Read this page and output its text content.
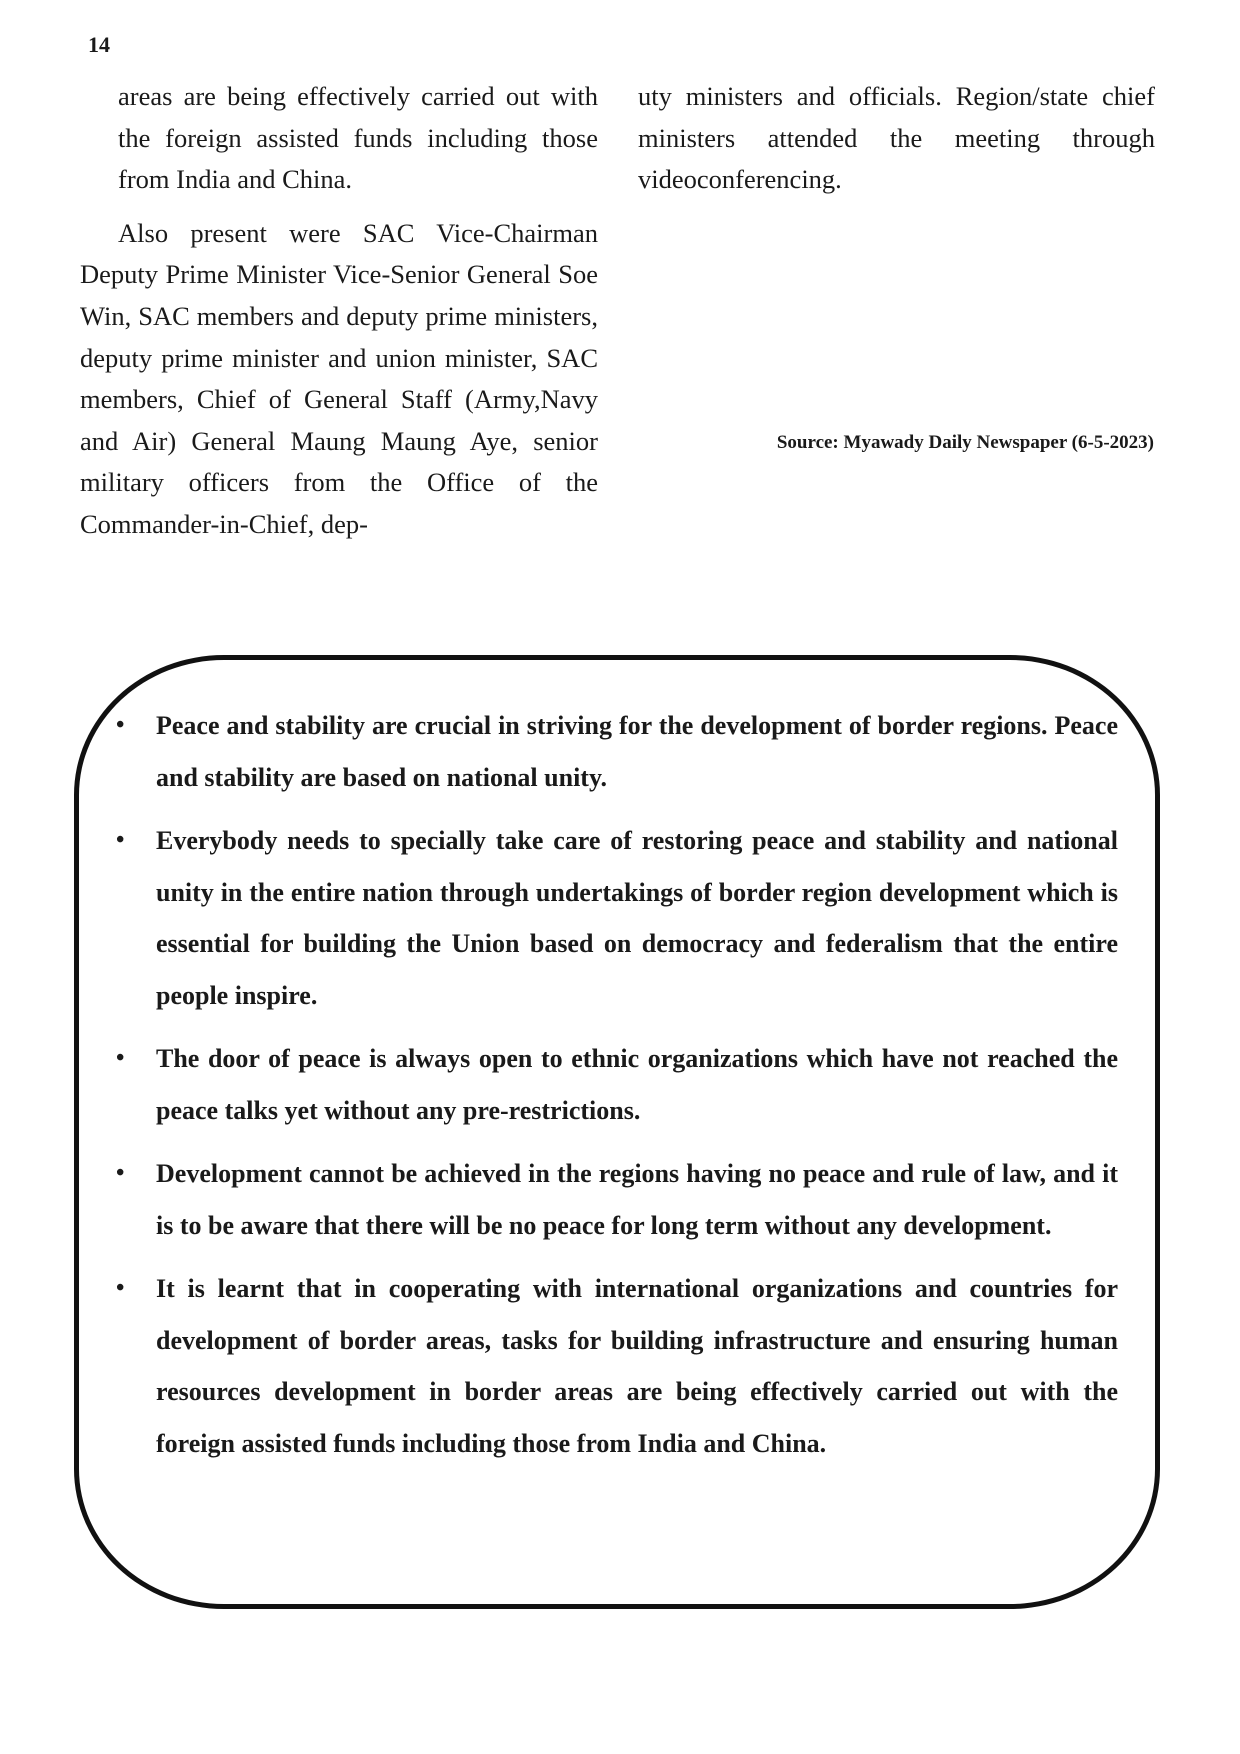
14

areas are being effectively carried out with the foreign assisted funds including those from India and China.

Also present were SAC Vice-Chairman Deputy Prime Minister Vice-Senior General Soe Win, SAC members and deputy prime ministers, deputy prime minister and union minister, SAC members, Chief of General Staff (Army,Navy and Air) General Maung Maung Aye, senior military officers from the Office of the Commander-in-Chief, dep-

uty ministers and officials. Region/state chief ministers attended the meeting through videoconferencing.

Source: Myawady Daily Newspaper (6-5-2023)
• Peace and stability are crucial in striving for the development of border regions. Peace and stability are based on national unity.
• Everybody needs to specially take care of restoring peace and stability and national unity in the entire nation through undertakings of border region development which is essential for building the Union based on democracy and federalism that the entire people inspire.
• The door of peace is always open to ethnic organizations which have not reached the peace talks yet without any pre-restrictions.
• Development cannot be achieved in the regions having no peace and rule of law, and it is to be aware that there will be no peace for long term without any development.
• It is learnt that in cooperating with international organizations and countries for development of border areas, tasks for building infrastructure and ensuring human resources development in border areas are being effectively carried out with the foreign assisted funds including those from India and China.
